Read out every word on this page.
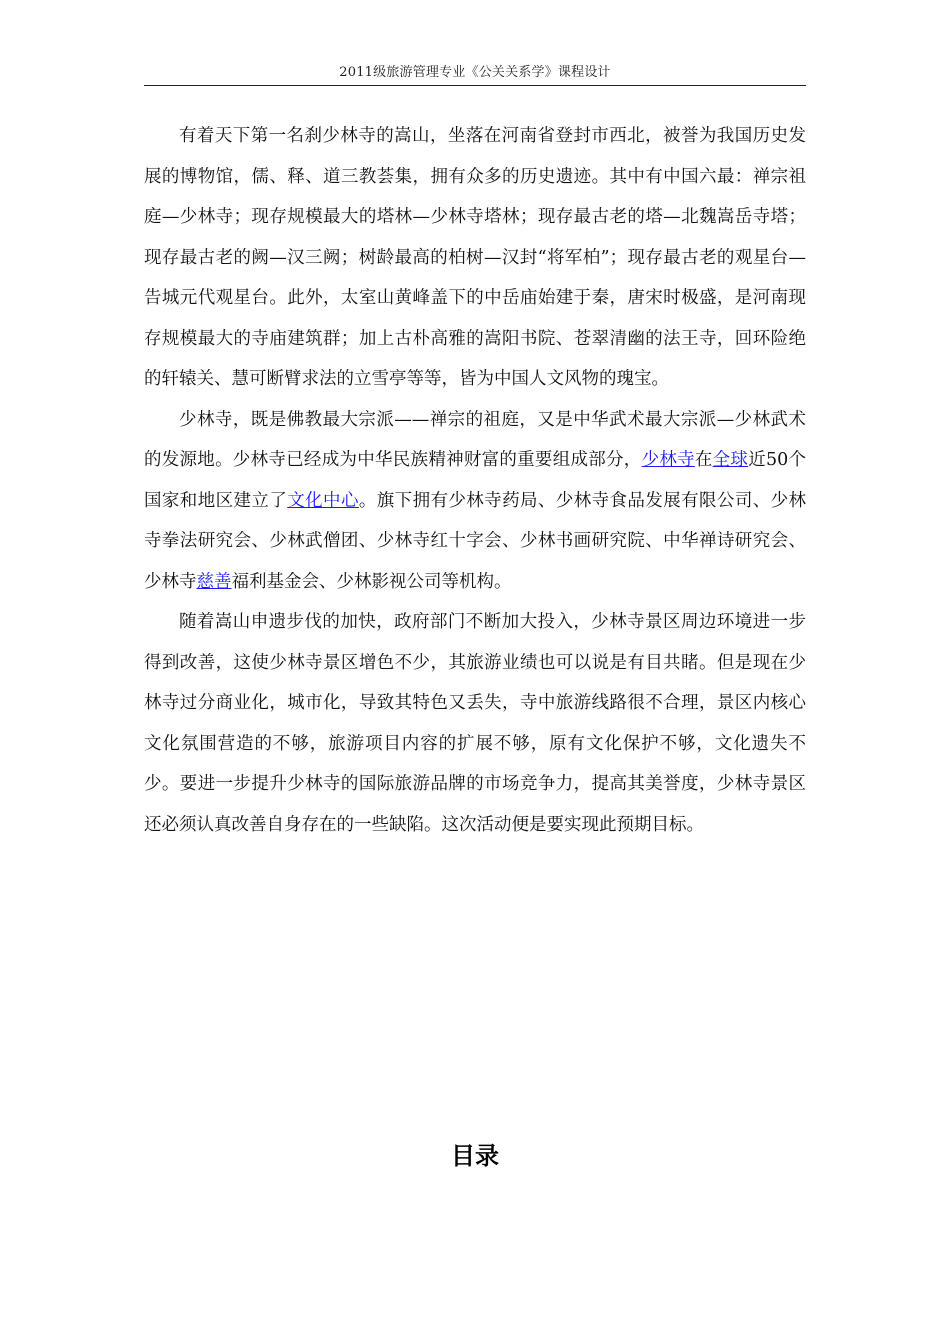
2011级旅游管理专业《公关关系学》课程设计

有着天下第一名刹少林寺的嵩山，坐落在河南省登封市西北，被誉为我国历史发展的博物馆，儒、释、道三教荟集，拥有众多的历史遗迹。其中有中国六最：禅宗祖庭—少林寺；现存规模最大的塔林—少林寺塔林；现存最古老的塔—北魏嵩岳寺塔；现存最古老的阙—汉三阙；树龄最高的柏树—汉封“将军柏”；现存最古老的观星台—告城元代观星台。此外，太室山黄峰盖下的中岳庙始建于秦，唐宋时极盛，是河南现存规模最大的寺庙建筑群；加上古朴高雅的嵩阳书院、苍翠清幽的法王寺，回环险绝的轩辕关、慧可断臂求法的立雪亭等等，皆为中国人文风物的瑰宝。

少林寺，既是佛教最大宗派——禅宗的祖庭，又是中华武术最大宗派—少林武术的发源地。少林寺已经成为中华民族精神财富的重要组成部分，少林寺在全球近50个国家和地区建立了文化中心。旗下拥有少林寺药局、少林寺食品发展有限公司、少林寺拳法研究会、少林武僧团、少林寺红十字会、少林书画研究院、中华禅诗研究会、少林寺慈善福利基金会、少林影视公司等机构。

随着嵩山申遗步伐的加快，政府部门不断加大投入，少林寺景区周边环境进一步得到改善，这使少林寺景区增色不少，其旅游业绩也可以说是有目共睹。但是现在少林寺过分商业化，城市化，导致其特色又丢失，寺中旅游线路很不合理，景区内核心文化氛围营造的不够，旅游项目内容的扩展不够，原有文化保护不够，文化遗失不少。要进一步提升少林寺的国际旅游品牌的市场竞争力，提高其美誉度，少林寺景区还必须认真改善自身存在的一些缺陷。这次活动便是要实现此预期目标。

目录
